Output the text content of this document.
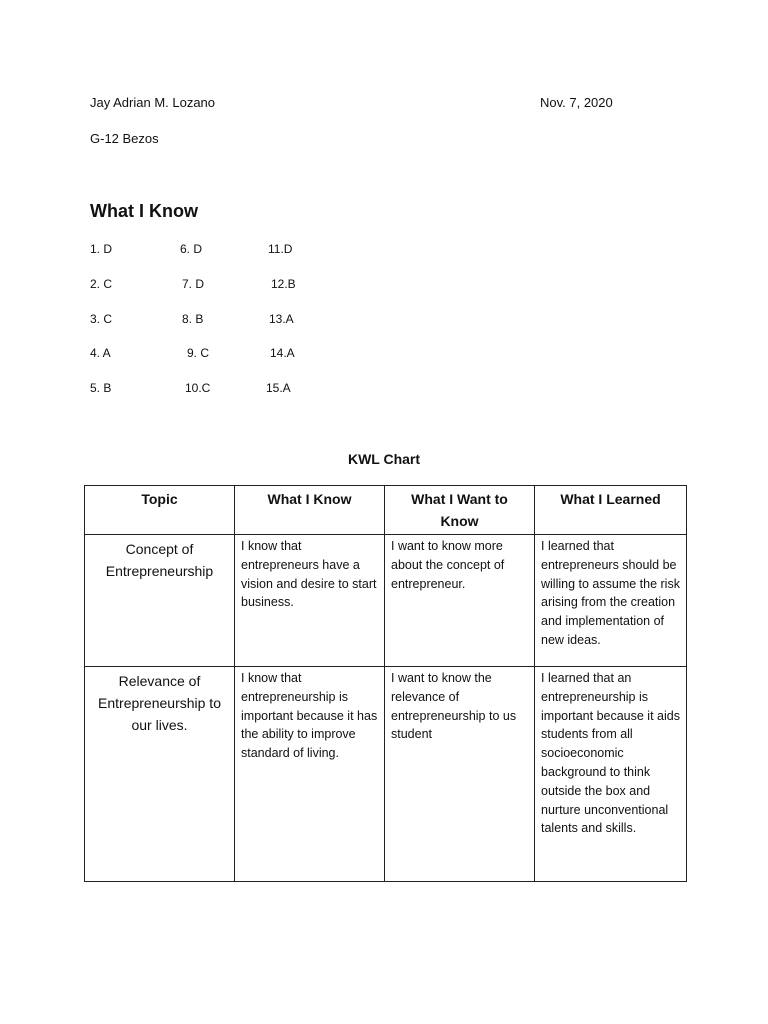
Jay Adrian M. Lozano	Nov. 7, 2020
G-12 Bezos
What I Know
1. D	6. D	11.D
2. C	7. D	12.B
3. C	8. B	13.A
4. A	9. C	14.A
5. B	10.C	15.A
KWL Chart
Topic	What I Know	What I Want to Know	What I Learned
Concept of Entrepreneurship	I know that entrepreneurs have a vision and desire to start business.	I want to know more about the concept of entrepreneur.	I learned that entrepreneurs should be willing to assume the risk arising from the creation and implementation of new ideas.
Relevance of Entrepreneurship to our lives.	I know that entrepreneurship is important because it has the ability to improve standard of living.	I want to know the relevance of entrepreneurship to us student	I learned that an entrepreneurship is important because it aids students from all socioeconomic background to think outside the box and nurture unconventional talents and skills.
